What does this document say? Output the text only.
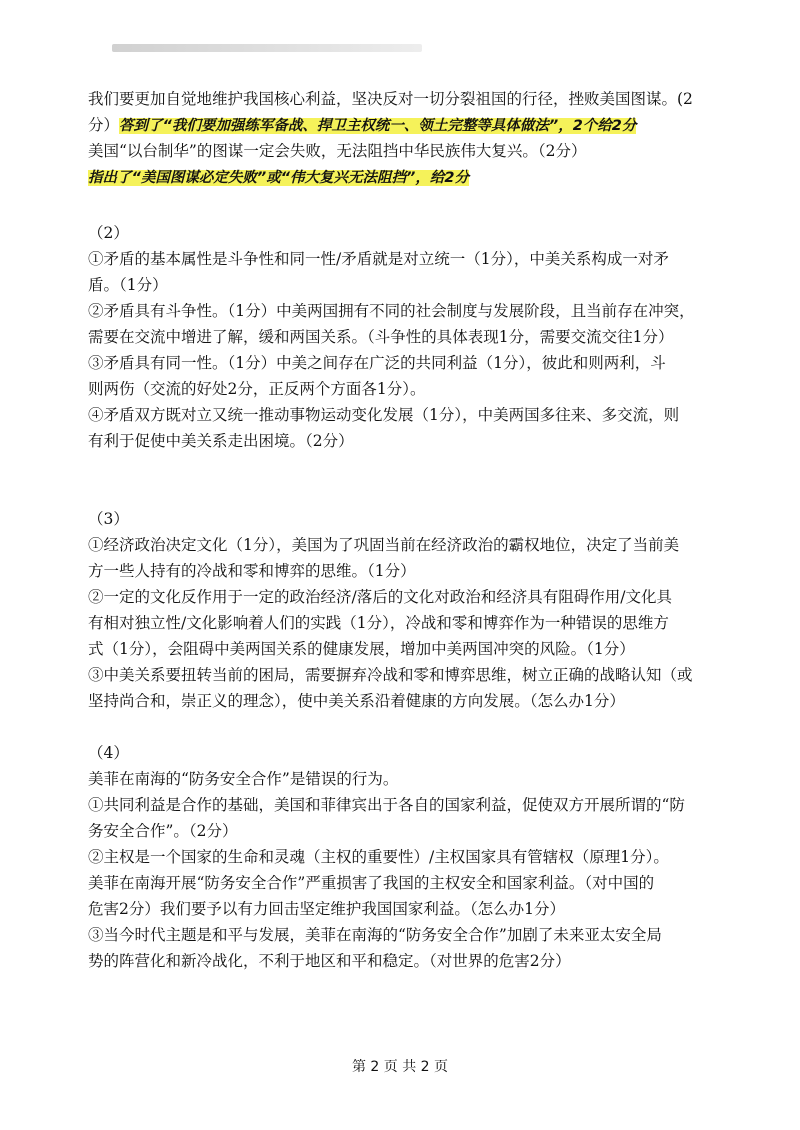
我们要更加自觉地维护我国核心利益，坚决反对一切分裂祖国的行径，挫败美国图谋。(2
分）答到了“我们要加强练军备战、捍卫主权统一、领土完整等具体做法”，2个给2分
美国“以台制华”的图谋一定会失败，无法阻挡中华民族伟大复兴。（2分）
指出了“美国图谋必定失败”或“伟大复兴无法阻挡”，给2分
（2）
①矛盾的基本属性是斗争性和同一性/矛盾就是对立统一（1分），中美关系构成一对矛
盾。（1分）
②矛盾具有斗争性。（1分）中美两国拥有不同的社会制度与发展阶段，且当前存在冲突，
需要在交流中增进了解，缓和两国关系。（斗争性的具体表现1分，需要交流交往1分）
③矛盾具有同一性。（1分）中美之间存在广泛的共同利益（1分），彼此和则两利，斗
则两伤（交流的好处2分，正反两个方面各1分）。
④矛盾双方既对立又统一推动事物运动变化发展（1分），中美两国多往来、多交流，则
有利于促使中美关系走出困境。（2分）
（3）
①经济政治决定文化（1分），美国为了巩固当前在经济政治的霸权地位，决定了当前美
方一些人持有的冷战和零和博弈的思维。（1分）
②一定的文化反作用于一定的政治经济/落后的文化对政治和经济具有阻碍作用/文化具
有相对独立性/文化影响着人们的实践（1分），冷战和零和博弈作为一种错误的思维方
式（1分），会阻碍中美两国关系的健康发展，增加中美两国冲突的风险。（1分）
③中美关系要扭转当前的困局，需要摒弃冷战和零和博弈思维，树立正确的战略认知（或
坚持尚合和，崇正义的理念），使中美关系沿着健康的方向发展。（怎么办1分）
（4）
美菲在南海的“防务安全合作”是错误的行为。
①共同利益是合作的基础，美国和菲律宾出于各自的国家利益，促使双方开展所谓的“防
务安全合作”。（2分）
②主权是一个国家的生命和灵魂（主权的重要性）/主权国家具有管辖权（原理1分）。
美菲在南海开展“防务安全合作”严重损害了我国的主权安全和国家利益。（对中国的
危害2分）我们要予以有力回击坚定维护我国国家利益。（怎么办1分）
③当今时代主题是和平与发展，美菲在南海的“防务安全合作”加剧了未来亚太安全局
势的阵营化和新冷战化，不利于地区和平和稳定。（对世界的危害2分）
第 2 页 共 2 页
